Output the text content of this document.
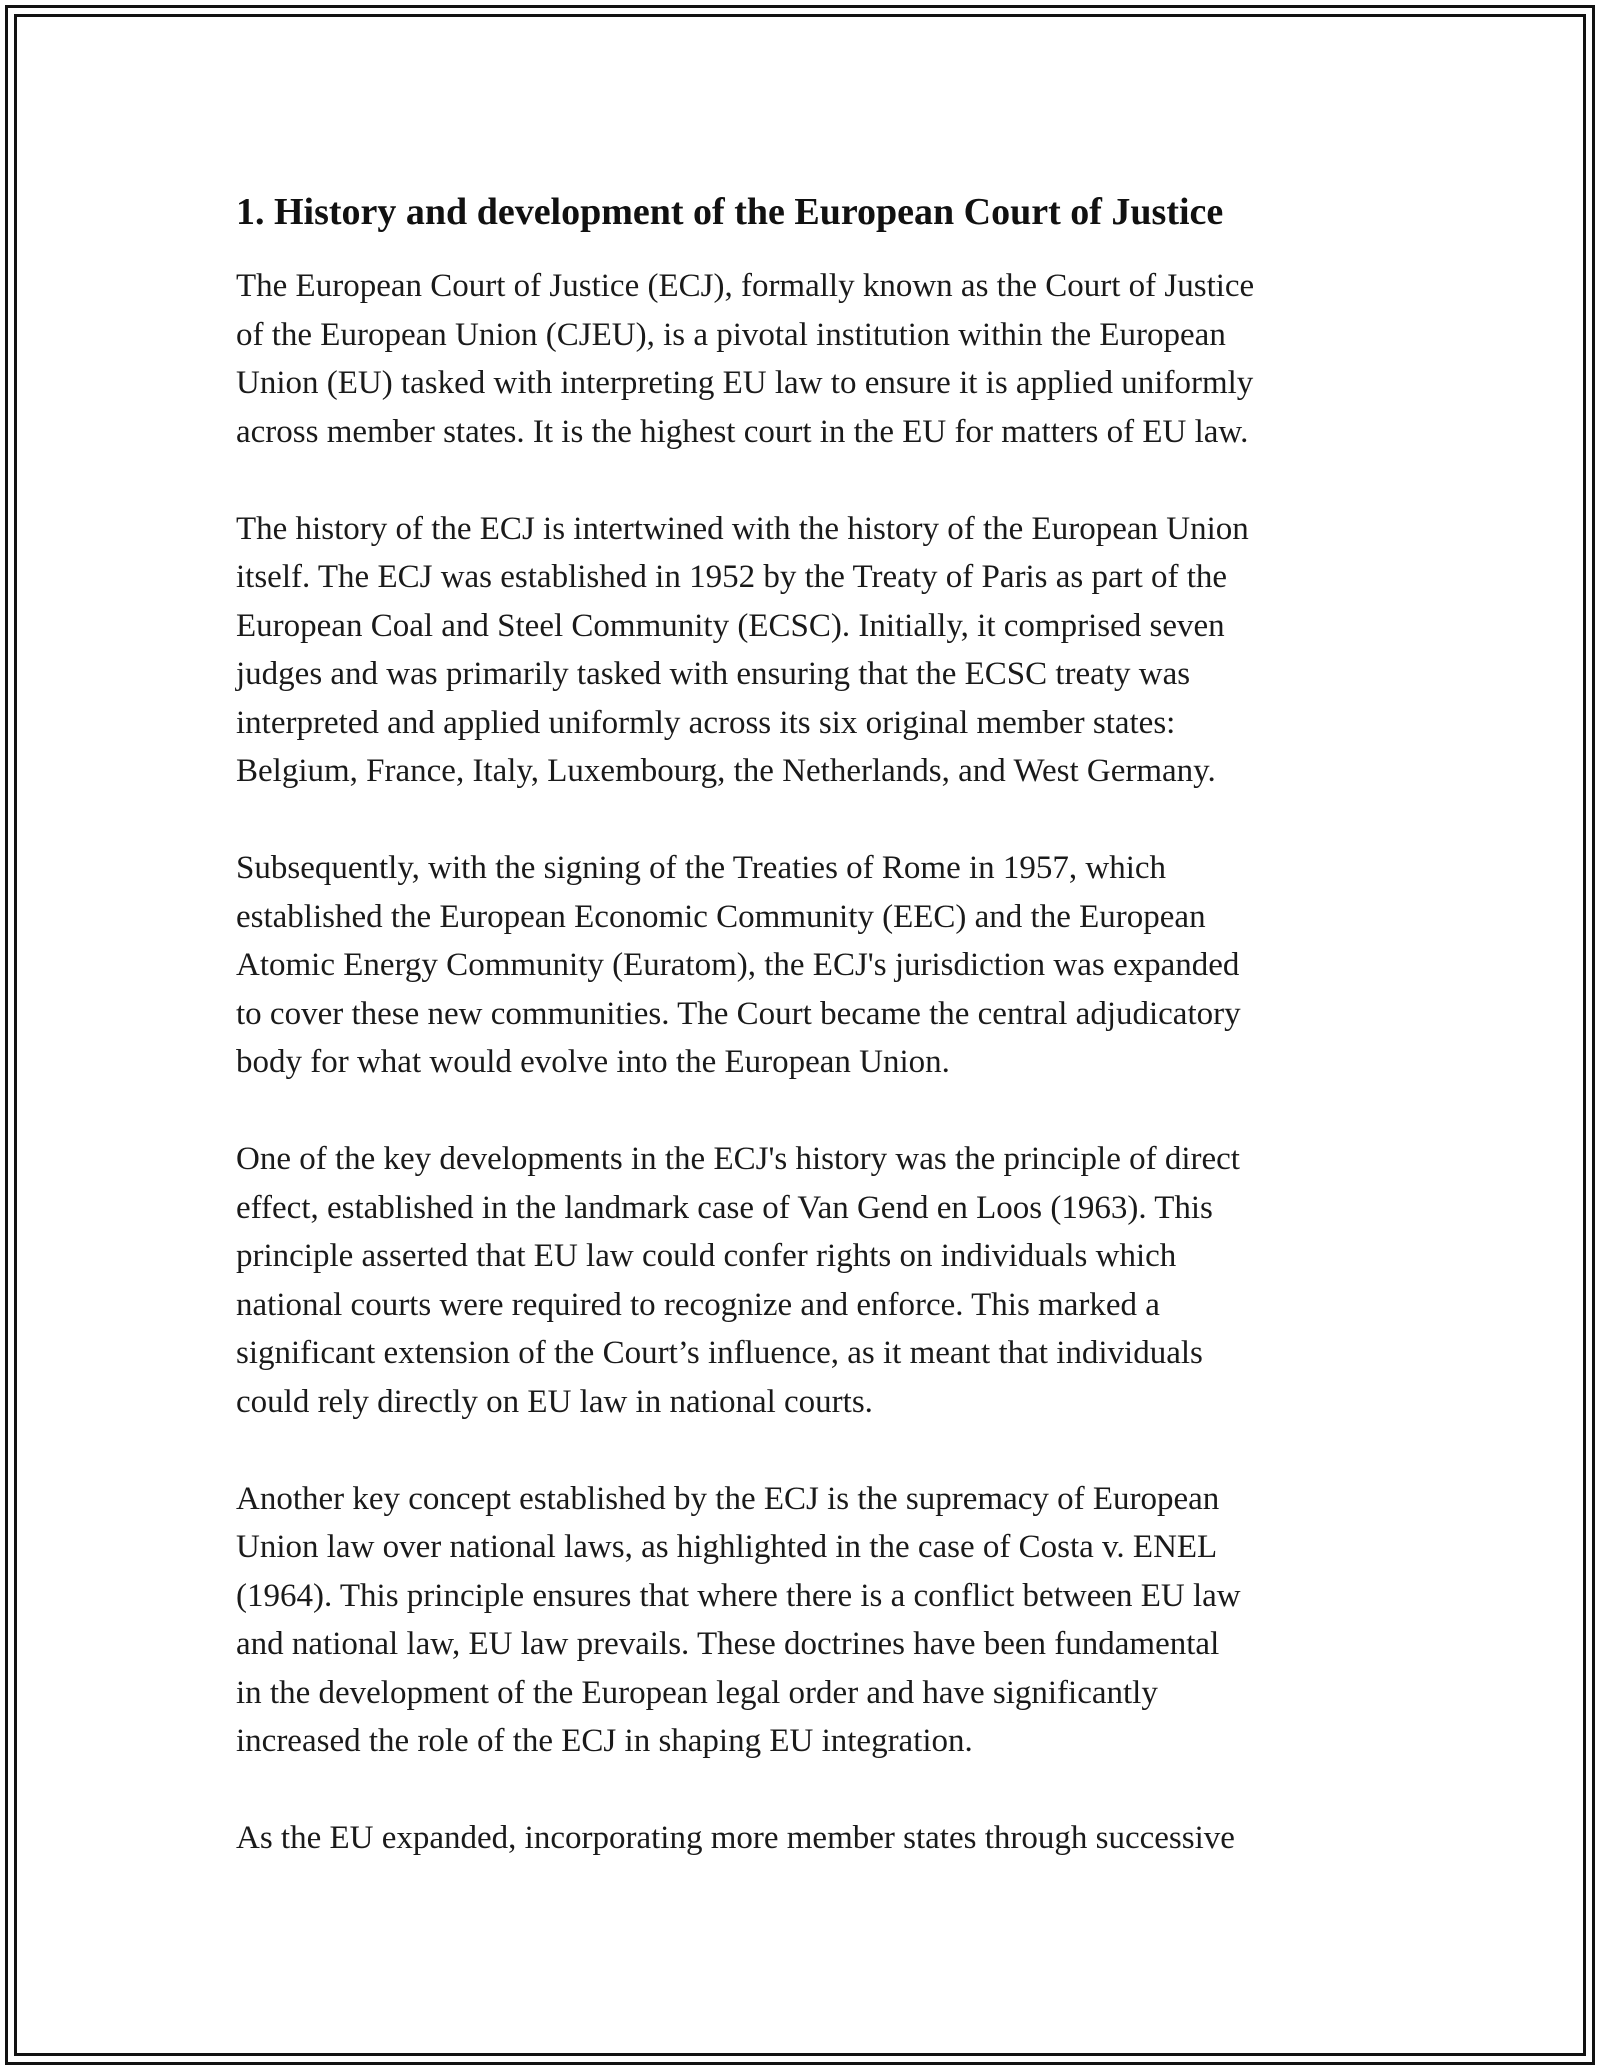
1. History and development of the European Court of Justice

The European Court of Justice (ECJ), formally known as the Court of Justice
of the European Union (CJEU), is a pivotal institution within the European
Union (EU) tasked with interpreting EU law to ensure it is applied uniformly
across member states. It is the highest court in the EU for matters of EU law.

The history of the ECJ is intertwined with the history of the European Union
itself. The ECJ was established in 1952 by the Treaty of Paris as part of the
European Coal and Steel Community (ECSC). Initially, it comprised seven
judges and was primarily tasked with ensuring that the ECSC treaty was
interpreted and applied uniformly across its six original member states:
Belgium, France, Italy, Luxembourg, the Netherlands, and West Germany.

Subsequently, with the signing of the Treaties of Rome in 1957, which
established the European Economic Community (EEC) and the European
Atomic Energy Community (Euratom), the ECJ's jurisdiction was expanded
to cover these new communities. The Court became the central adjudicatory
body for what would evolve into the European Union.

One of the key developments in the ECJ's history was the principle of direct
effect, established in the landmark case of Van Gend en Loos (1963). This
principle asserted that EU law could confer rights on individuals which
national courts were required to recognize and enforce. This marked a
significant extension of the Court’s influence, as it meant that individuals
could rely directly on EU law in national courts.

Another key concept established by the ECJ is the supremacy of European
Union law over national laws, as highlighted in the case of Costa v. ENEL
(1964). This principle ensures that where there is a conflict between EU law
and national law, EU law prevails. These doctrines have been fundamental
in the development of the European legal order and have significantly
increased the role of the ECJ in shaping EU integration.

As the EU expanded, incorporating more member states through successive
